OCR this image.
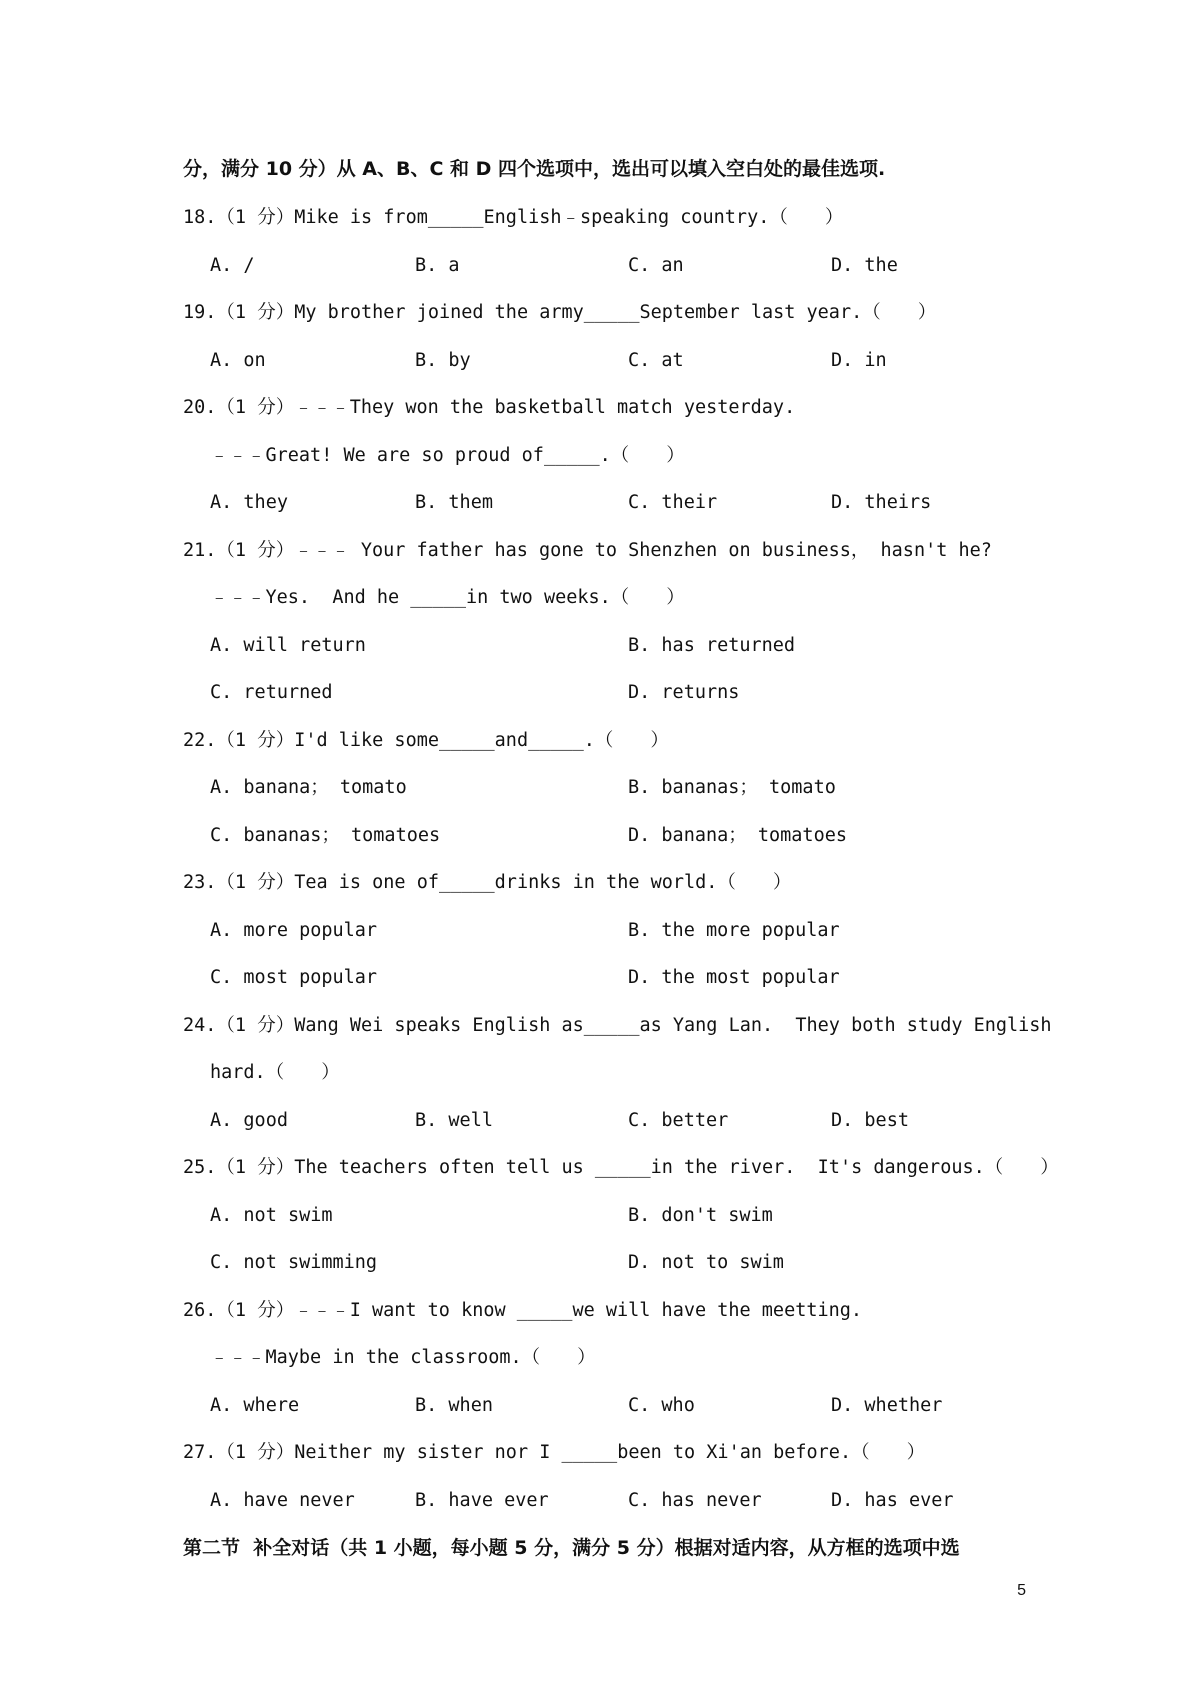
分，满分 10 分）从 A、B、C 和 D 四个选项中，选出可以填入空白处的最佳选项.
18.（1 分）Mike is from_____English﹣speaking country.（　　）
A. /	B. a	C. an	D. the
19.（1 分）My brother joined the army_____September last year.（　　）
A. on	B. by	C. at	D. in
20.（1 分）﹣﹣﹣They won the basketball match yesterday.
﹣﹣﹣Great! We are so proud of_____.（　　）
A. they	B. them	C. their	D. theirs
21.（1 分）﹣﹣﹣ Your father has gone to Shenzhen on business， hasn't he?
﹣﹣﹣Yes.  And he _____in two weeks.（　　）
A. will return	B. has returned
C. returned	D. returns
22.（1 分）I'd like some_____and_____.（　　）
A. banana； tomato	B. bananas； tomato
C. bananas； tomatoes	D. banana； tomatoes
23.（1 分）Tea is one of_____drinks in the world.（　　）
A. more popular	B. the more popular
C. most popular	D. the most popular
24.（1 分）Wang Wei speaks English as_____as Yang Lan.  They both study English
hard.（　　）
A. good	B. well	C. better	D. best
25.（1 分）The teachers often tell us _____in the river.  It's dangerous.（　　）
A. not swim	B. don't swim
C. not swimming	D. not to swim
26.（1 分）﹣﹣﹣I want to know _____we will have the meetting.
﹣﹣﹣Maybe in the classroom.（　　）
A. where	B. when	C. who	D. whether
27.（1 分）Neither my sister nor I _____been to Xi'an before.（　　）
A. have never	B. have ever	C. has never	D. has ever
第二节  补全对话（共 1 小题，每小题 5 分，满分 5 分）根据对适内容，从方框的选项中选
5
